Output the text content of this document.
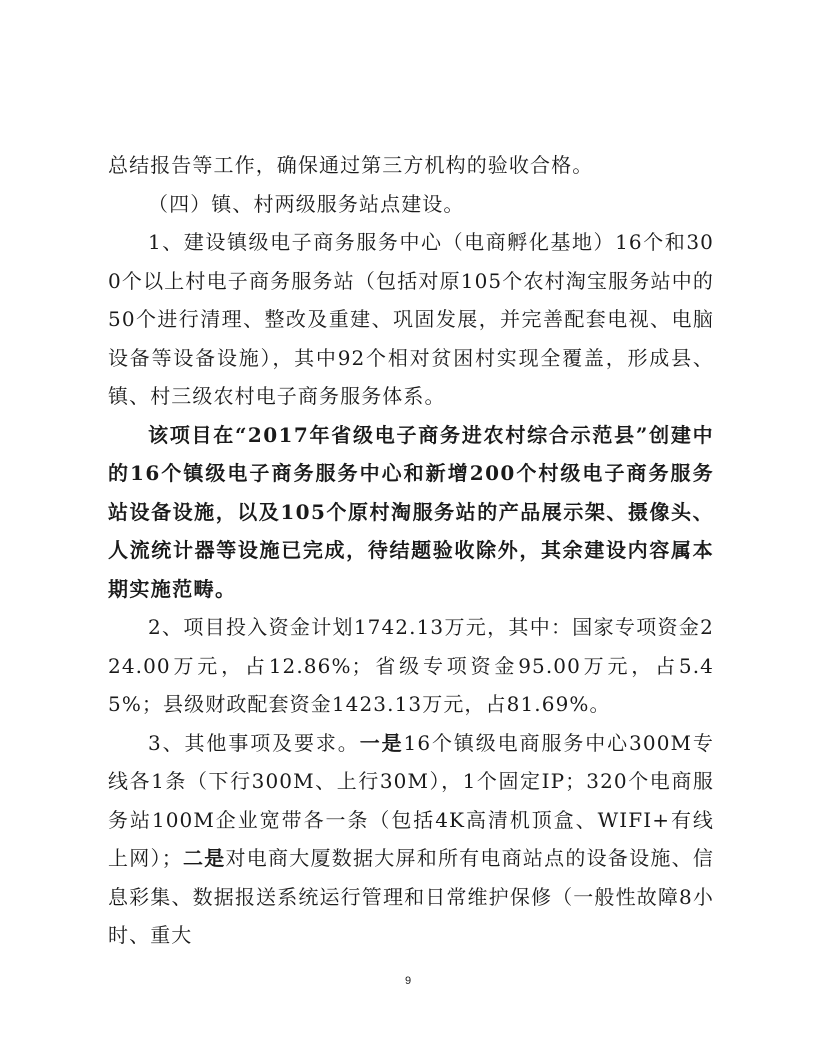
总结报告等工作，确保通过第三方机构的验收合格。

（四）镇、村两级服务站点建设。

1、建设镇级电子商务服务中心（电商孵化基地）16个和300个以上村电子商务服务站（包括对原105个农村淘宝服务站中的50个进行清理、整改及重建、巩固发展，并完善配套电视、电脑设备等设备设施），其中92个相对贫困村实现全覆盖，形成县、镇、村三级农村电子商务服务体系。

该项目在“2017年省级电子商务进农村综合示范县”创建中的16个镇级电子商务服务中心和新增200个村级电子商务服务站设备设施，以及105个原村淘服务站的产品展示架、摄像头、人流统计器等设施已完成，待结题验收除外，其余建设内容属本期实施范畴。

2、项目投入资金计划1742.13万元，其中：国家专项资金224.00万元，占12.86%；省级专项资金95.00万元，占5.45%；县级财政配套资金1423.13万元，占81.69%。

3、其他事项及要求。一是16个镇级电商服务中心300M专线各1条（下行300M、上行30M），1个固定IP；320个电商服务站100M企业宽带各一条（包括4K高清机顶盒、WIFI+有线上网）；二是对电商大厦数据大屏和所有电商站点的设备设施、信息彩集、数据报送系统运行管理和日常维护保修（一般性故障8小时、重大

9
